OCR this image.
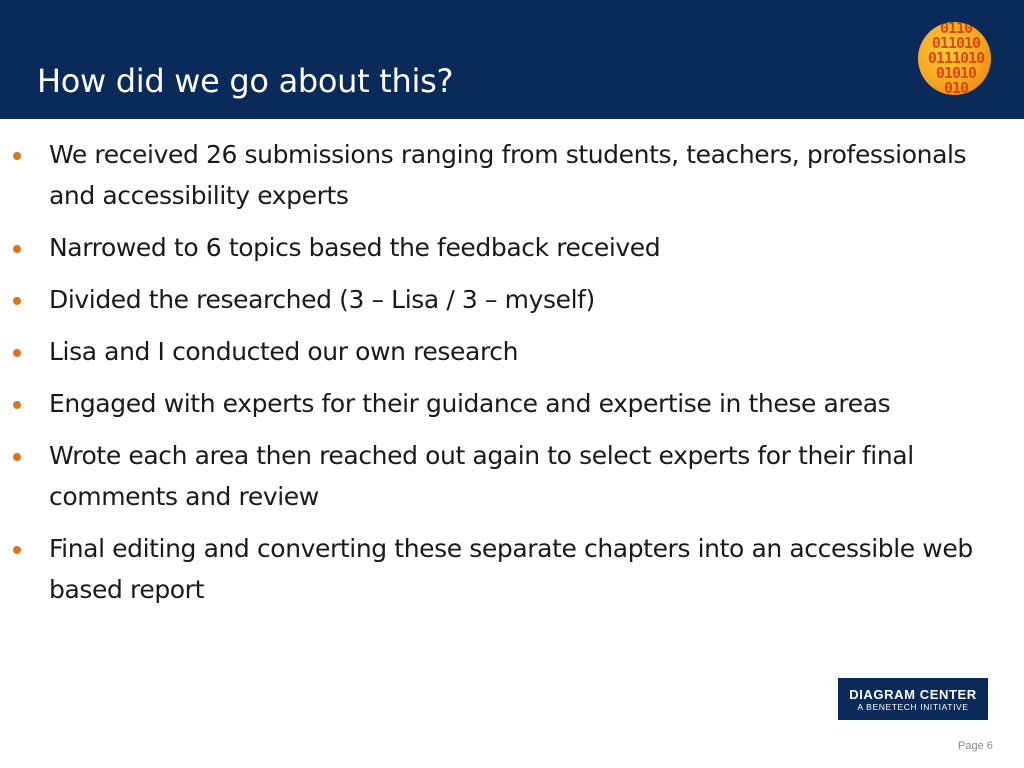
How did we go about this?
0110
011010
0111010
01010
010
We received 26 submissions ranging from students, teachers, professionals and accessibility experts
Narrowed to 6 topics based the feedback received
Divided the researched (3 – Lisa / 3 – myself)
Lisa and I conducted our own research
Engaged with experts for their guidance and expertise in these areas
Wrote each area then reached out again to select experts for their final comments and review
Final editing and converting these separate chapters into an accessible web based report
DIAGRAM CENTER
A BENETECH INITIATIVE
Page 6
